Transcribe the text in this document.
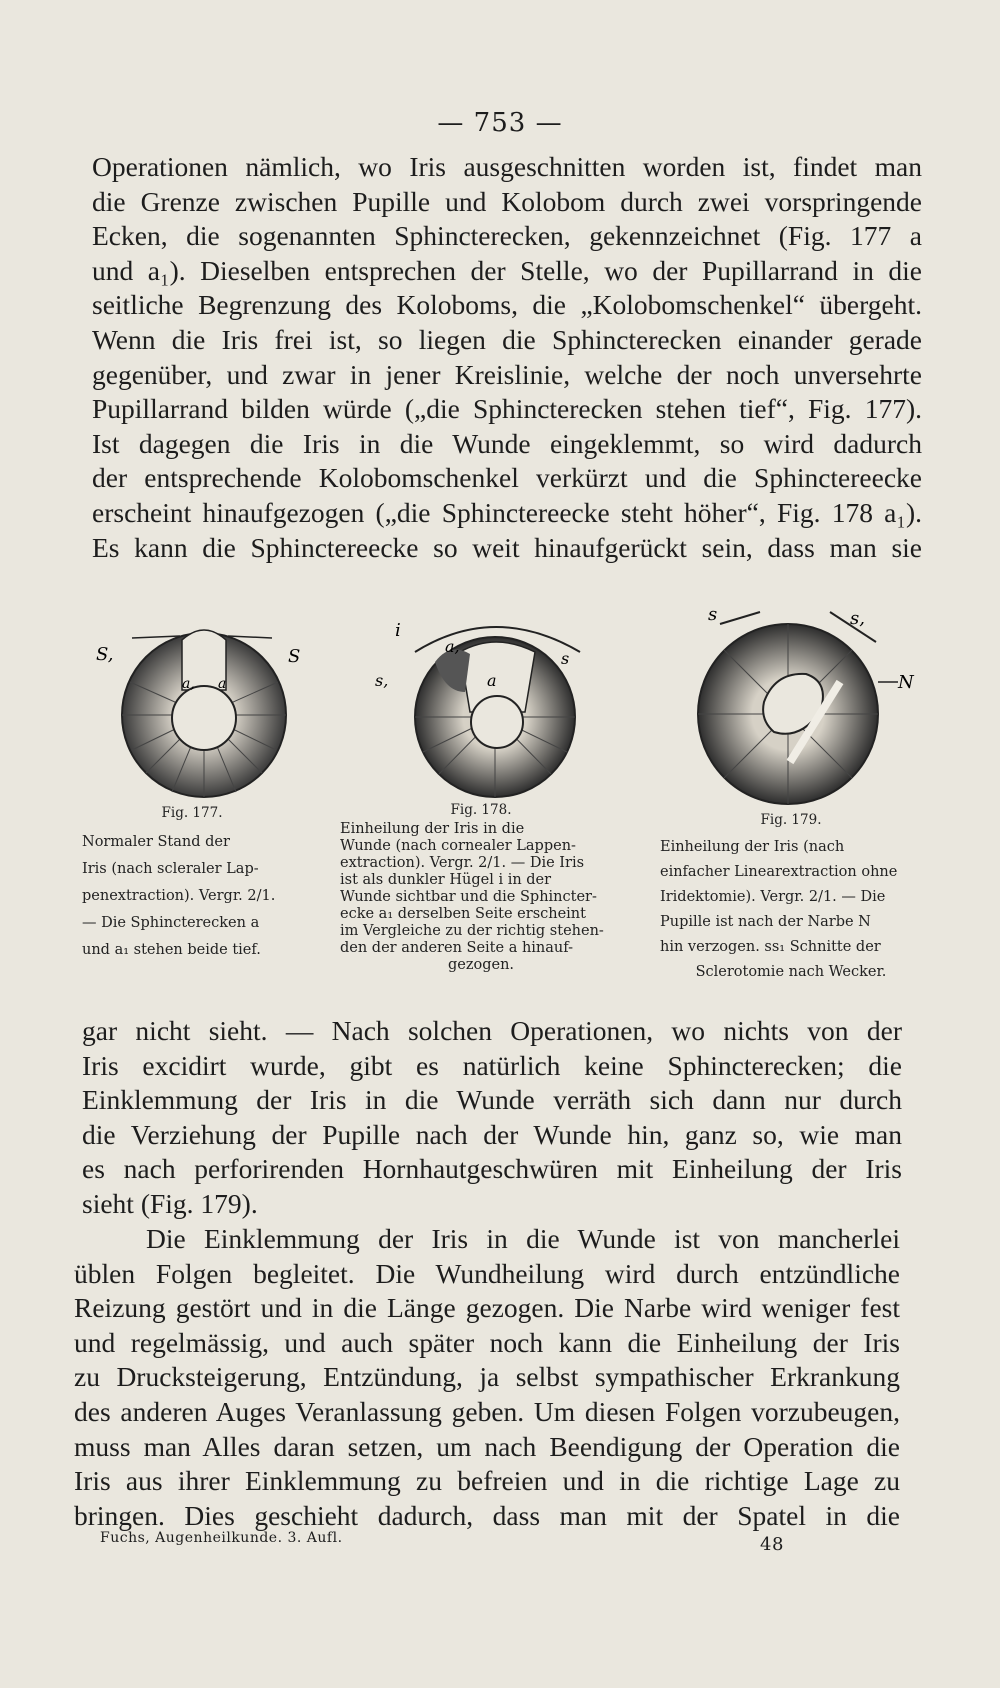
— 753 —

Operationen nämlich, wo Iris ausgeschnitten worden ist, findet man
die Grenze zwischen Pupille und Kolobom durch zwei vorspringende
Ecken, die sogenannten Sphincterecken, gekennzeichnet (Fig. 177 a
und a₁). Dieselben entsprechen der Stelle, wo der Pupillarrand in die
seitliche Begrenzung des Koloboms, die „Kolobomschenkel“ übergeht.
Wenn die Iris frei ist, so liegen die Sphincterecken einander gerade
gegenüber, und zwar in jener Kreislinie, welche der noch unversehrte
Pupillarrand bilden würde („die Sphincterecken stehen tief“, Fig. 177).
Ist dagegen die Iris in die Wunde eingeklemmt, so wird dadurch
der entsprechende Kolobomschenkel verkürzt und die Sphinctereecke
erscheint hinaufgezogen („die Sphinctereecke steht höher“, Fig. 178 a₁).
Es kann die Sphinctereecke so weit hinaufgerückt sein, dass man sie

S,	S
a, a
i
a,
s,	a
s
s	s,
N
Fig. 177.
Normaler Stand der
Iris (nach scleraler Lap-
penextraction). Vergr. 2/1.
— Die Sphincterecken a
und a₁ stehen beide tief.
Fig. 178.
Einheilung der Iris in die
Wunde (nach cornealer Lappen-
extraction). Vergr. 2/1. — Die Iris
ist als dunkler Hügel i in der
Wunde sichtbar und die Sphincter-
ecke a₁ derselben Seite erscheint
im Vergleiche zu der richtig stehen-
den der anderen Seite a hinauf-
gezogen.
Fig. 179.
Einheilung der Iris (nach
einfacher Linearextraction ohne
Iridektomie). Vergr. 2/1. — Die
Pupille ist nach der Narbe N
hin verzogen. ss₁ Schnitte der
Sclerotomie nach Wecker.

gar nicht sieht. — Nach solchen Operationen, wo nichts von der
Iris excidirt wurde, gibt es natürlich keine Sphincterecken; die
Einklemmung der Iris in die Wunde verräth sich dann nur durch
die Verziehung der Pupille nach der Wunde hin, ganz so, wie man
es nach perforirenden Hornhautgeschwüren mit Einheilung der Iris
sieht (Fig. 179).

Die Einklemmung der Iris in die Wunde ist von mancherlei
üblen Folgen begleitet. Die Wundheilung wird durch entzündliche
Reizung gestört und in die Länge gezogen. Die Narbe wird weniger fest
und regelmässig, und auch später noch kann die Einheilung der Iris
zu Drucksteigerung, Entzündung, ja selbst sympathischer Erkrankung
des anderen Auges Veranlassung geben. Um diesen Folgen vorzubeugen,
muss man Alles daran setzen, um nach Beendigung der Operation die
Iris aus ihrer Einklemmung zu befreien und in die richtige Lage zu
bringen. Dies geschieht dadurch, dass man mit der Spatel in die

Fuchs, Augenheilkunde. 3. Aufl.	48
